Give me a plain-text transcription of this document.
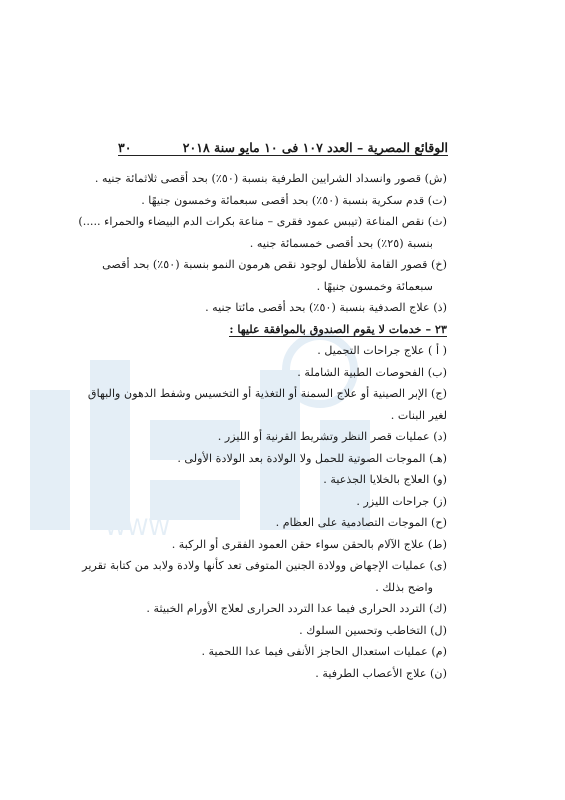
WWW
الوقائع المصرية – العدد ١٠٧ فى ١٠ مايو سنة ٢٠١٨
٣٠
(ش) قصور وانسداد الشرايين الطرفية بنسبة (٥٠٪) بحد أقصى ثلاثمائة جنيه .
(ت) قدم سكرية بنسبة (٥٠٪) بحد أقصى سبعمائة وخمسون جنيهًا .
(ث) نقص المناعة (تيبس عمود فقرى – مناعة بكرات الدم البيضاء والحمراء .....)
بنسبة (٢٥٪) بحد أقصى خمسمائة جنيه .
(خ) قصور القامة للأطفال لوجود نقص هرمون النمو بنسبة (٥٠٪) بحد أقصى
سبعمائة وخمسون جنيهًا .
(ذ) علاج الصدفية بنسبة (٥٠٪) بحد أقصى مائتا جنيه .
٢٣ – خدمات لا يقوم الصندوق بالموافقة عليها :
( أ ) علاج جراحات التجميل .
(ب) الفحوصات الطبية الشاملة .
(ج) الإبر الصينية أو علاج السمنة أو التغذية أو التخسيس وشفط الدهون والبهاق
لغير البنات .
(د) عمليات قصر النظر وتشريط القرنية أو الليزر .
(هـ) الموجات الصوتية للحمل ولا الولادة بعد الولادة الأولى .
(و) العلاج بالخلايا الجذعية .
(ز) جراحات الليزر .
(ح) الموجات التصادمية على العظام .
(ط) علاج الآلام بالحقن سواء حقن العمود الفقرى أو الركبة .
(ى) عمليات الإجهاض وولادة الجنين المتوفى تعد كأنها ولادة ولابد من كتابة تقرير
واضح بذلك .
(ك) التردد الحرارى فيما عدا التردد الحرارى لعلاج الأورام الخبيثة .
(ل) التخاطب وتحسين السلوك .
(م) عمليات استعدال الحاجز الأنفى فيما عدا اللحمية .
(ن) علاج الأعصاب الطرفية .
